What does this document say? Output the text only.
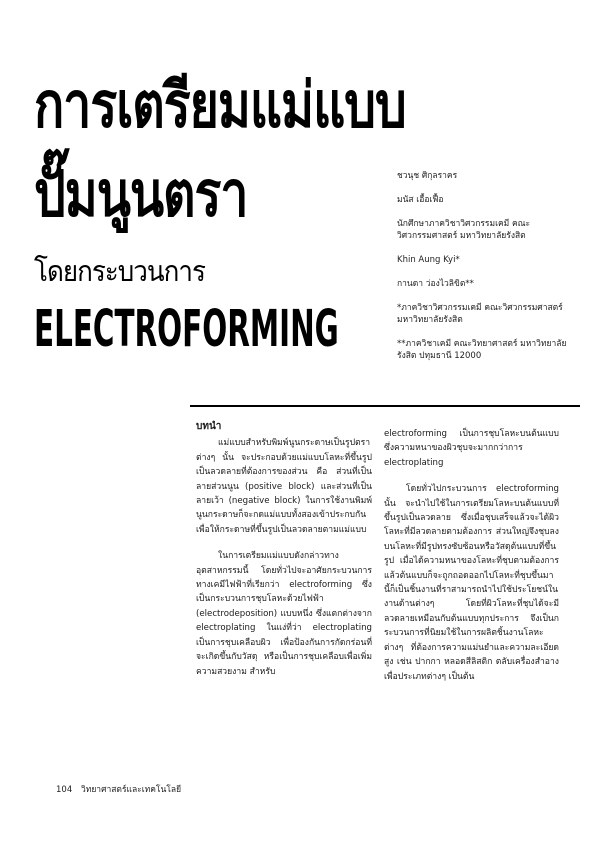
การเตรียมแม่แบบ
ปั๊มนูนตรา
โดยกระบวนการ
ELECTROFORMING

ชวนุช ศิกุลราคร

มนัส เอื้อเฟื้อ

นักศึกษาภาควิชาวิศวกรรมเคมี คณะวิศวกรรมศาสตร์ มหาวิทยาลัยรังสิต

Khin Aung Kyi*

กานดา ว่องไวลิขิต**

*ภาควิชาวิศวกรรมเคมี คณะวิศวกรรมศาสตร์ มหาวิทยาลัยรังสิต

**ภาควิชาเคมี คณะวิทยาศาสตร์ มหาวิทยาลัยรังสิต ปทุมธานี 12000

บทนำ

แม่แบบสำหรับพิมพ์นูนกระดาษเป็นรูปตราต่างๆ นั้น จะประกอบด้วยแม่แบบโลหะที่ขึ้นรูปเป็นลวดลายที่ต้องการของส่วน คือ ส่วนที่เป็นลายส่วนนูน (positive block) และส่วนที่เป็นลายเว้า (negative block) ในการใช้งานพิมพ์นูนกระดาษก็จะกดแม่แบบทั้งสองเข้าประกบกัน เพื่อให้กระดาษที่ขึ้นรูปเป็นลวดลายตามแม่แบบ

ในการเตรียมแม่แบบดังกล่าวทางอุตสาหกรรมนี้ โดยทั่วไปจะอาศัยกระบวนการทางเคมีไฟฟ้าที่เรียกว่า electroforming ซึ่งเป็นกระบวนการชุบโลหะด้วยไฟฟ้า (electrodeposition) แบบหนึ่ง ซึ่งแตกต่างจาก electroplating ในแง่ที่ว่า electroplating เป็นการชุบเคลือบผิว เพื่อป้องกันการกัดกร่อนที่จะเกิดขึ้นกับวัสดุ หรือเป็นการชุบเคลือบเพื่อเพิ่มความสวยงาม สำหรับ

electroforming เป็นการชุบโลหะบนต้นแบบซึ่งความหนาของผิวชุบจะมากกว่าการ electroplating

โดยทั่วไปกระบวนการ electroforming นั้น จะนำไปใช้ในการเตรียมโลหะบนต้นแบบที่ขึ้นรูปเป็นลวดลาย ซึ่งเมื่อชุบเสร็จแล้วจะได้ผิวโลหะที่มีลวดลายตามต้องการ ส่วนใหญ่จึงชุบลงบนโลหะที่มีรูปทรงซับซ้อนหรือวัสดุต้นแบบที่ขึ้นรูป เมื่อได้ความหนาของโลหะที่ชุบตามต้องการแล้วต้นแบบก็จะถูกถอดออกไปโลหะที่ชุบขึ้นมานี้ก็เป็นชิ้นงานที่ราสามารถนำไปใช้ประโยชน์ในงานด้านต่างๆ โดยที่ผิวโลหะที่ชุบได้จะมีลวดลายเหมือนกับต้นแบบทุกประการ จึงเป็นกระบวนการที่นิยมใช้ในการผลิตชิ้นงานโลหะต่างๆ ที่ต้องการความแม่นยำและความละเอียดสูง เช่น ปากกา หลอดสีลิสติก ตลับเครื่องสำอาง เพื่อประเภทต่างๆ เป็นต้น

104 วิทยาศาสตร์และเทคโนโลยี
